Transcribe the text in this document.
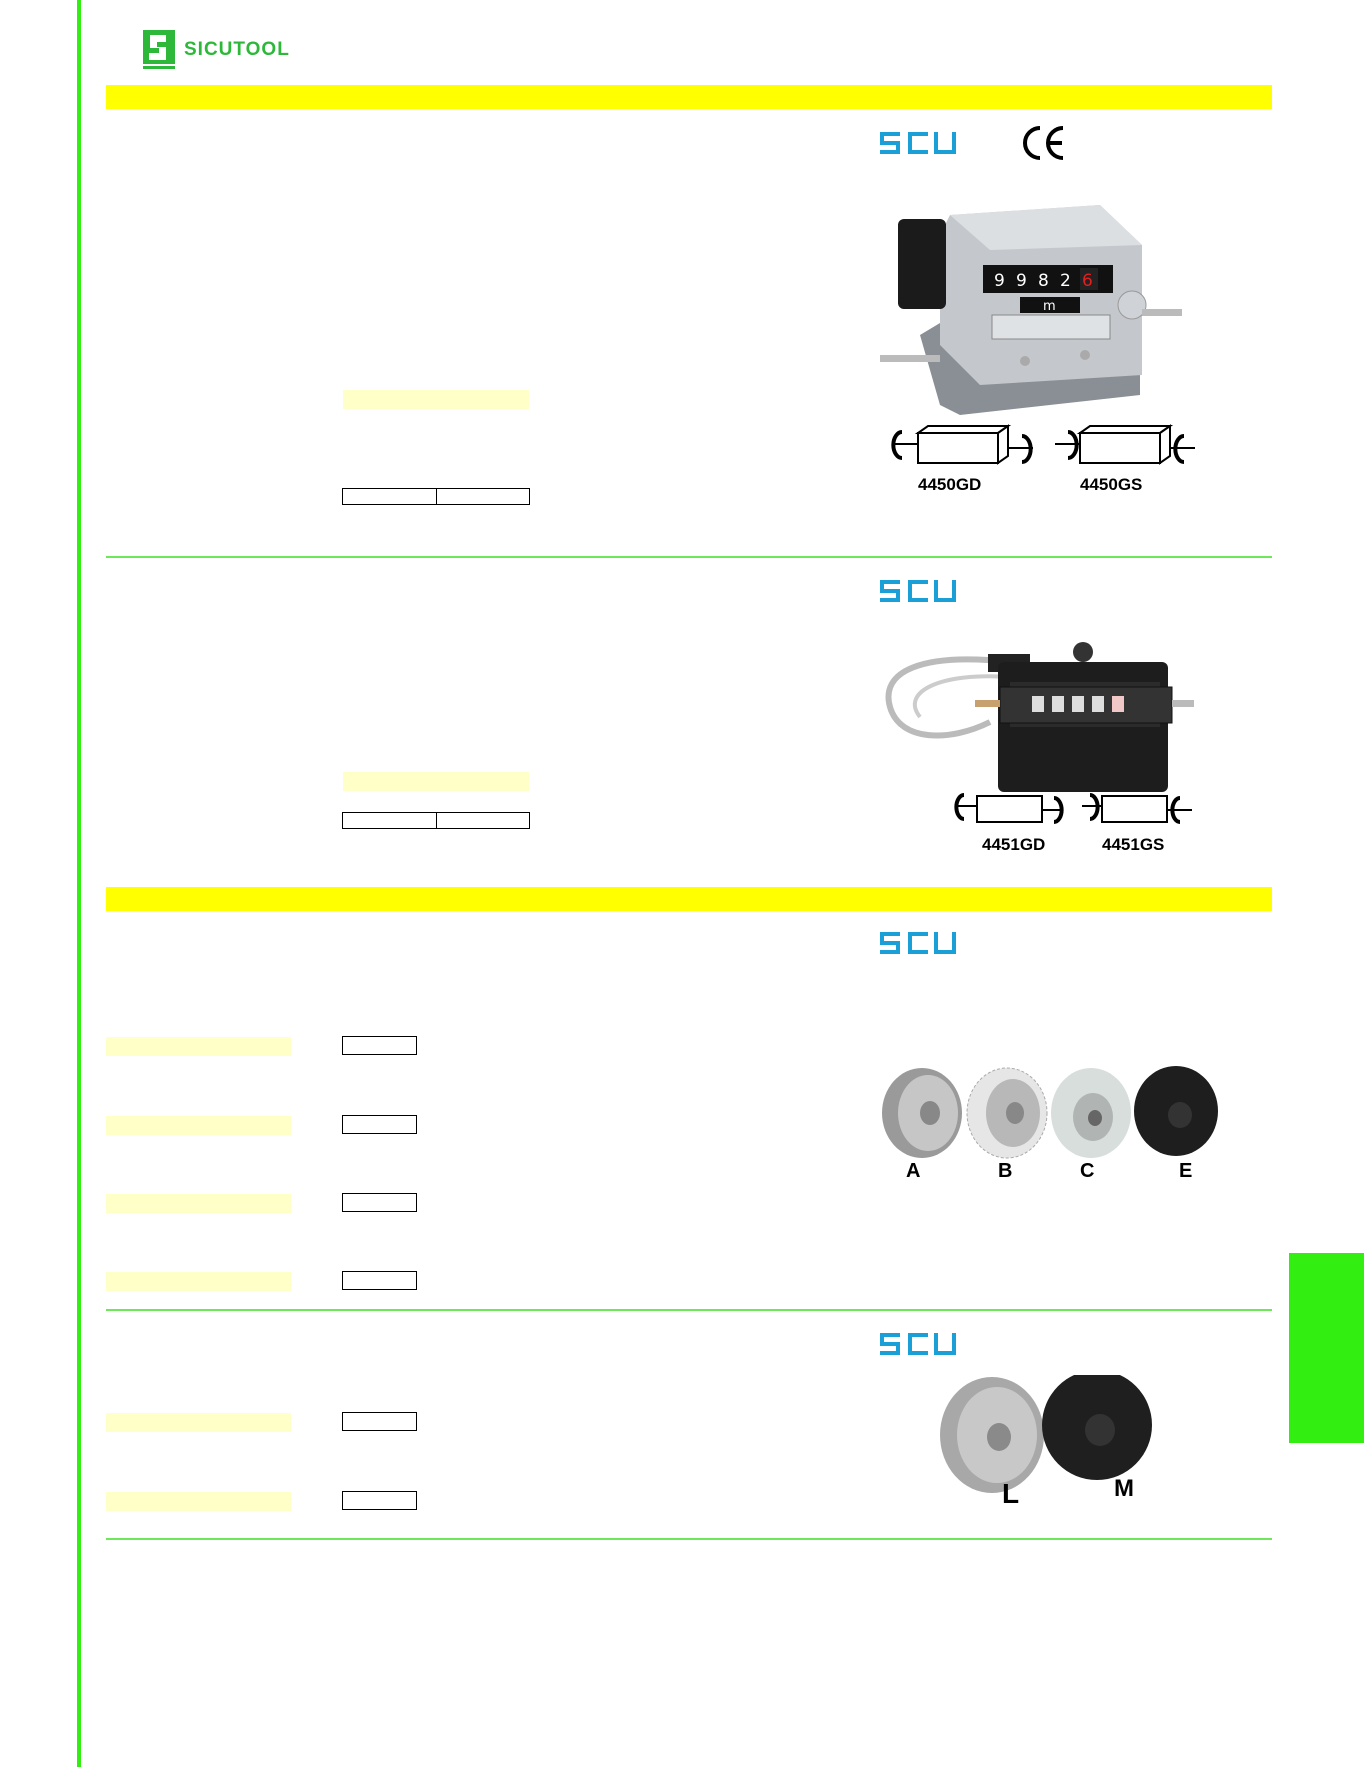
SICUTOOL
9 9 8 2 6
m
4450GD	4450GS
4451GD	4451GS
A	B	C	E
L	M
